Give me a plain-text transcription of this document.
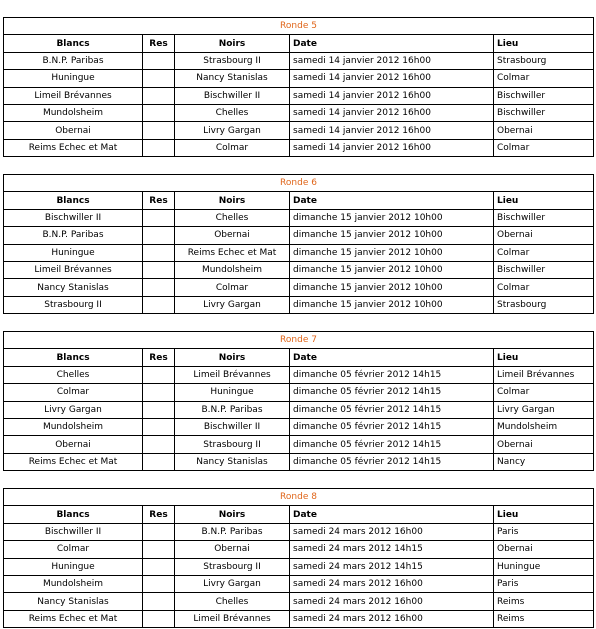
Ronde 5				
Blancs	Res	Noirs	Date	Lieu
B.N.P. Paribas		Strasbourg II	samedi 14 janvier 2012 16h00	Strasbourg
Huningue		Nancy Stanislas	samedi 14 janvier 2012 16h00	Colmar
Limeil Brévannes		Bischwiller II	samedi 14 janvier 2012 16h00	Bischwiller
Mundolsheim		Chelles	samedi 14 janvier 2012 16h00	Bischwiller
Obernai		Livry Gargan	samedi 14 janvier 2012 16h00	Obernai
Reims Echec et Mat		Colmar	samedi 14 janvier 2012 16h00	Colmar
Ronde 6				
Blancs	Res	Noirs	Date	Lieu
Bischwiller II		Chelles	dimanche 15 janvier 2012 10h00	Bischwiller
B.N.P. Paribas		Obernai	dimanche 15 janvier 2012 10h00	Obernai
Huningue		Reims Echec et Mat	dimanche 15 janvier 2012 10h00	Colmar
Limeil Brévannes		Mundolsheim	dimanche 15 janvier 2012 10h00	Bischwiller
Nancy Stanislas		Colmar	dimanche 15 janvier 2012 10h00	Colmar
Strasbourg II		Livry Gargan	dimanche 15 janvier 2012 10h00	Strasbourg
Ronde 7				
Blancs	Res	Noirs	Date	Lieu
Chelles		Limeil Brévannes	dimanche 05 février 2012 14h15	Limeil Brévannes
Colmar		Huningue	dimanche 05 février 2012 14h15	Colmar
Livry Gargan		B.N.P. Paribas	dimanche 05 février 2012 14h15	Livry Gargan
Mundolsheim		Bischwiller II	dimanche 05 février 2012 14h15	Mundolsheim
Obernai		Strasbourg II	dimanche 05 février 2012 14h15	Obernai
Reims Echec et Mat		Nancy Stanislas	dimanche 05 février 2012 14h15	Nancy
Ronde 8				
Blancs	Res	Noirs	Date	Lieu
Bischwiller II		B.N.P. Paribas	samedi 24 mars 2012 16h00	Paris
Colmar		Obernai	samedi 24 mars 2012 14h15	Obernai
Huningue		Strasbourg II	samedi 24 mars 2012 14h15	Huningue
Mundolsheim		Livry Gargan	samedi 24 mars 2012 16h00	Paris
Nancy Stanislas		Chelles	samedi 24 mars 2012 16h00	Reims
Reims Echec et Mat		Limeil Brévannes	samedi 24 mars 2012 16h00	Reims
